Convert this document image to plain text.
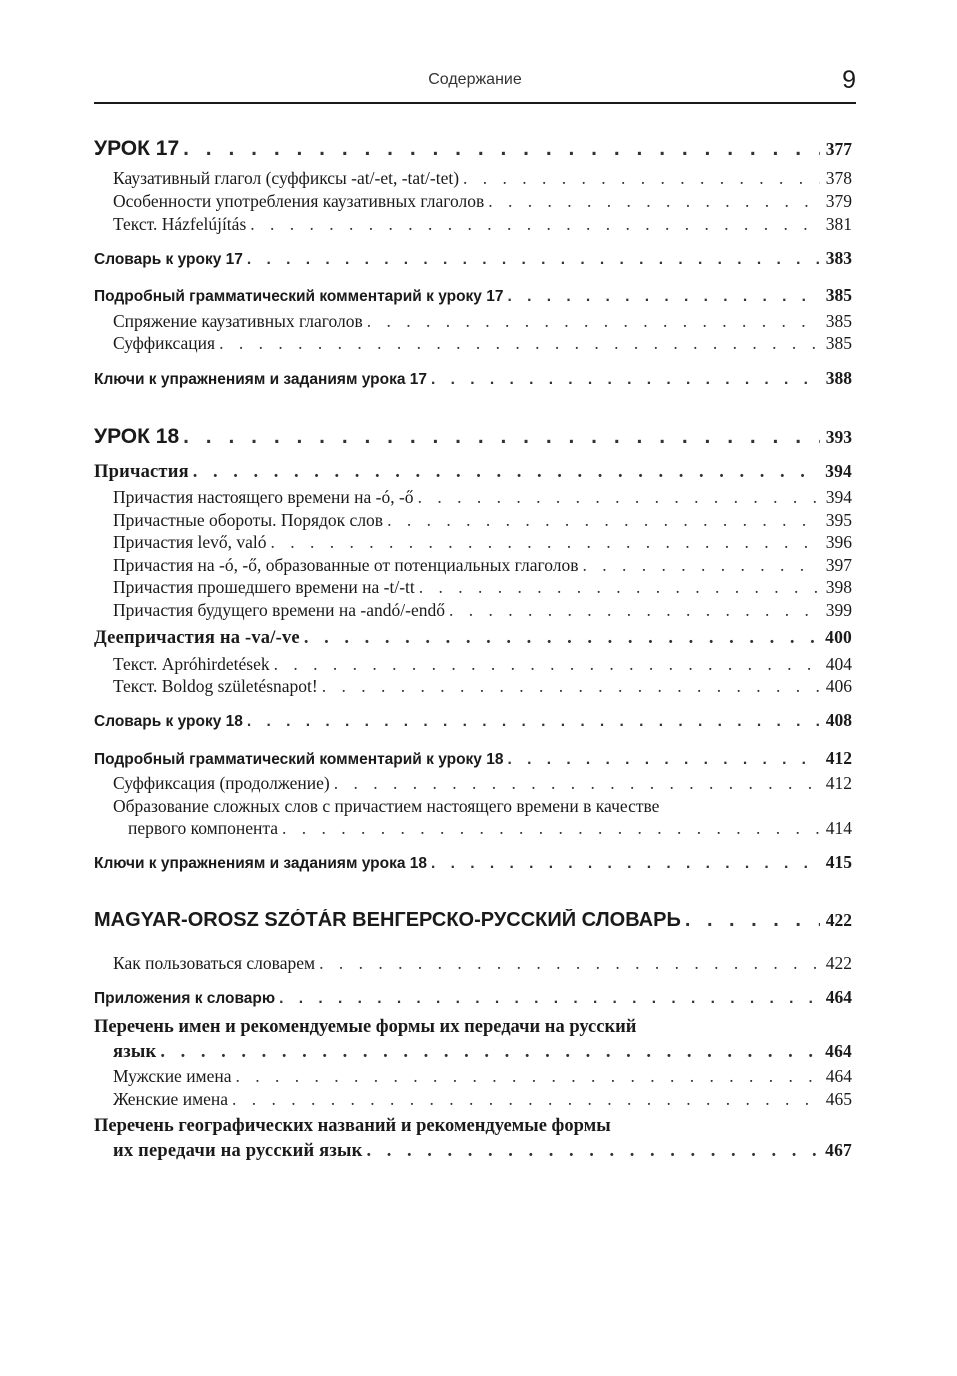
Содержание	9
УРОК 17 . . .	377
Каузативный глагол (суффиксы -at/-et, -tat/-tet) . . .	378
Особенности употребления каузативных глаголов . . .	379
Текст. Házfelújítás . . .	381
Словарь к уроку 17 . . .	383
Подробный грамматический комментарий к уроку 17 . . .	385
Спряжение каузативных глаголов . . .	385
Суффиксация . . .	385
Ключи к упражнениям и заданиям урока 17 . . .	388
УРОК 18 . . .	393
Причастия . . .	394
Причастия настоящего времени на -ó, -ő . . .	394
Причастные обороты. Порядок слов . . .	395
Причастия levő, való . . .	396
Причастия на -ó, -ő, образованные от потенциальных глаголов . . .	397
Причастия прошедшего времени на -t/-tt . . .	398
Причастия будущего времени на -andó/-endő . . .	399
Деепричастия на -va/-ve . . .	400
Текст. Apróhirdetések . . .	404
Текст. Boldog születésnapot! . . .	406
Словарь к уроку 18 . . .	408
Подробный грамматический комментарий к уроку 18 . . .	412
Суффиксация (продолжение) . . .	412
Образование сложных слов с причастием настоящего времени в качестве
первого компонента . . .	414
Ключи к упражнениям и заданиям урока 18 . . .	415
MAGYAR-OROSZ SZÓTÁR ВЕНГЕРСКО-РУССКИЙ СЛОВАРЬ . . .	422
Как пользоваться словарем . . .	422
Приложения к словарю . . .	464
Перечень имен и рекомендуемые формы их передачи на русский
язык . . .	464
Мужские имена . . .	464
Женские имена . . .	465
Перечень географических названий и рекомендуемые формы
их передачи на русский язык . . .	467
